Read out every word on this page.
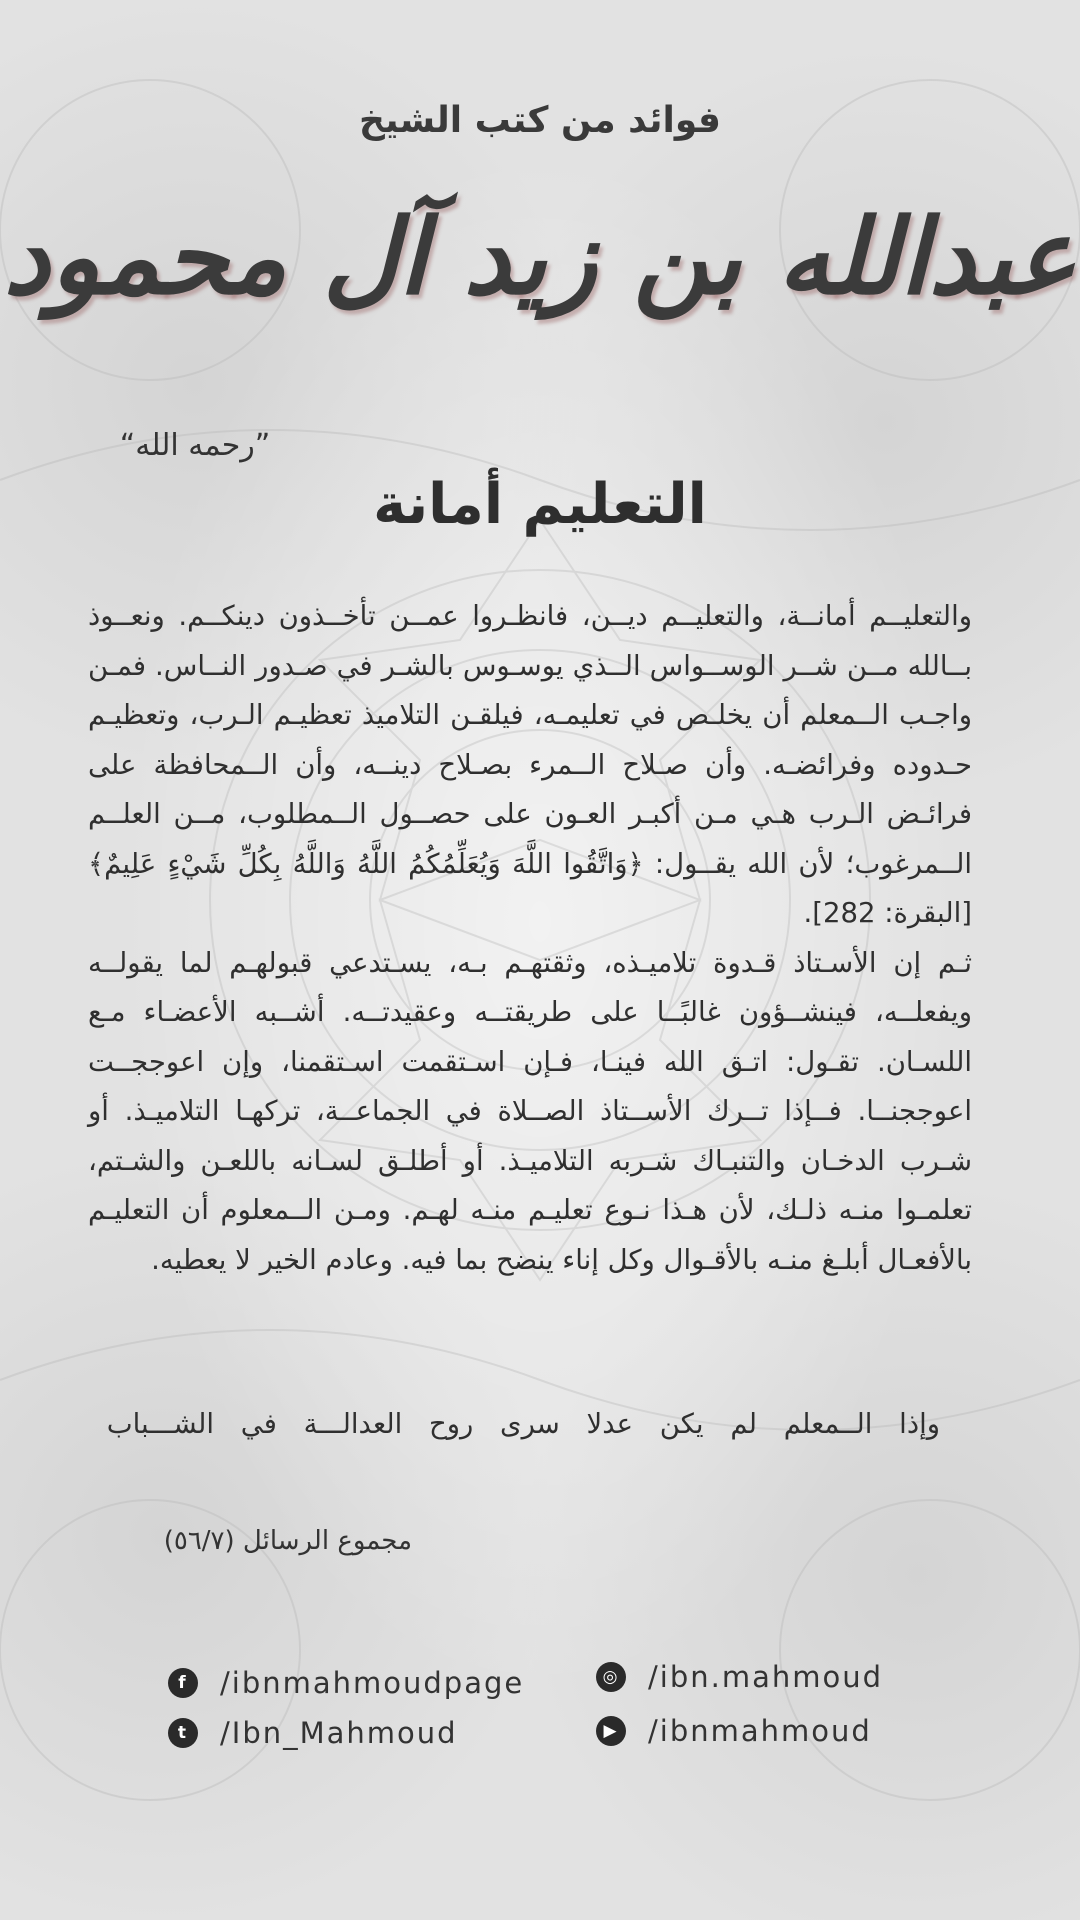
فوائد من كتب الشيخ
عبدالله بن زيد آل محمود
”رحمه الله“
التعليم أمانة

والتعليــم أمانــة، والتعليــم ديــن، فانظـروا عمــن تأخــذون دينكــم. ونعــوذ بــالله مــن شــر الوســواس الــذي يوسـوس بالشـر في صـدور النــاس. فمـن واجـب الــمعلم أن يخلـص في تعليمـه، فيلقـن التلاميذ تعظيـم الـرب، وتعظيـم حـدوده وفرائضـه. وأن صـلاح الــمرء بصـلاح دينــه، وأن الــمحافظة على فرائـض الـرب هـي مـن أكبـر العـون على حصــول الــمطلوب، مــن العلــم الــمرغوب؛ لأن الله يقــول: ﴿وَاتَّقُوا اللَّهَ وَيُعَلِّمُكُمُ اللَّهُ وَاللَّهُ بِكُلِّ شَيْءٍ عَلِيمٌ﴾ [البقرة: 282].

ثـم إن الأسـتاذ قـدوة تلاميـذه، وثقتهـم بـه، يسـتدعي قبولهـم لما يقولــه ويفعلــه، فينشــؤون غالبًــا على طريقتــه وعقيدتــه. أشــبه الأعضـاء مـع اللسـان. تقـول: اتـق الله فينـا، فـإن اسـتقمت اسـتقمنا، وإن اعوججــت اعوججنــا. فــإذا تــرك الأســتاذ الصــلاة في الجماعــة، تركهـا التلاميـذ. أو شـرب الدخـان والتنبـاك شـربه التلاميـذ. أو أطلـق لسـانه باللعـن والشـتم، تعلمـوا منـه ذلـك، لأن هـذا نـوع تعليـم منـه لهـم. ومـن الــمعلوم أن التعليـم بالأفعـال أبلـغ منـه بالأقـوال وكل إناء ينضح بما فيه. وعادم الخير لا يعطيه.

وإذا الــمعلم لم يكن عدلا سرى روح العدالـــة في الشـــباب
مجموع الرسائل (٥٦/٧)
f	/ibnmahmoudpage
t	/Ibn_Mahmoud
◎ /ibn.mahmoud
▶ /ibnmahmoud
